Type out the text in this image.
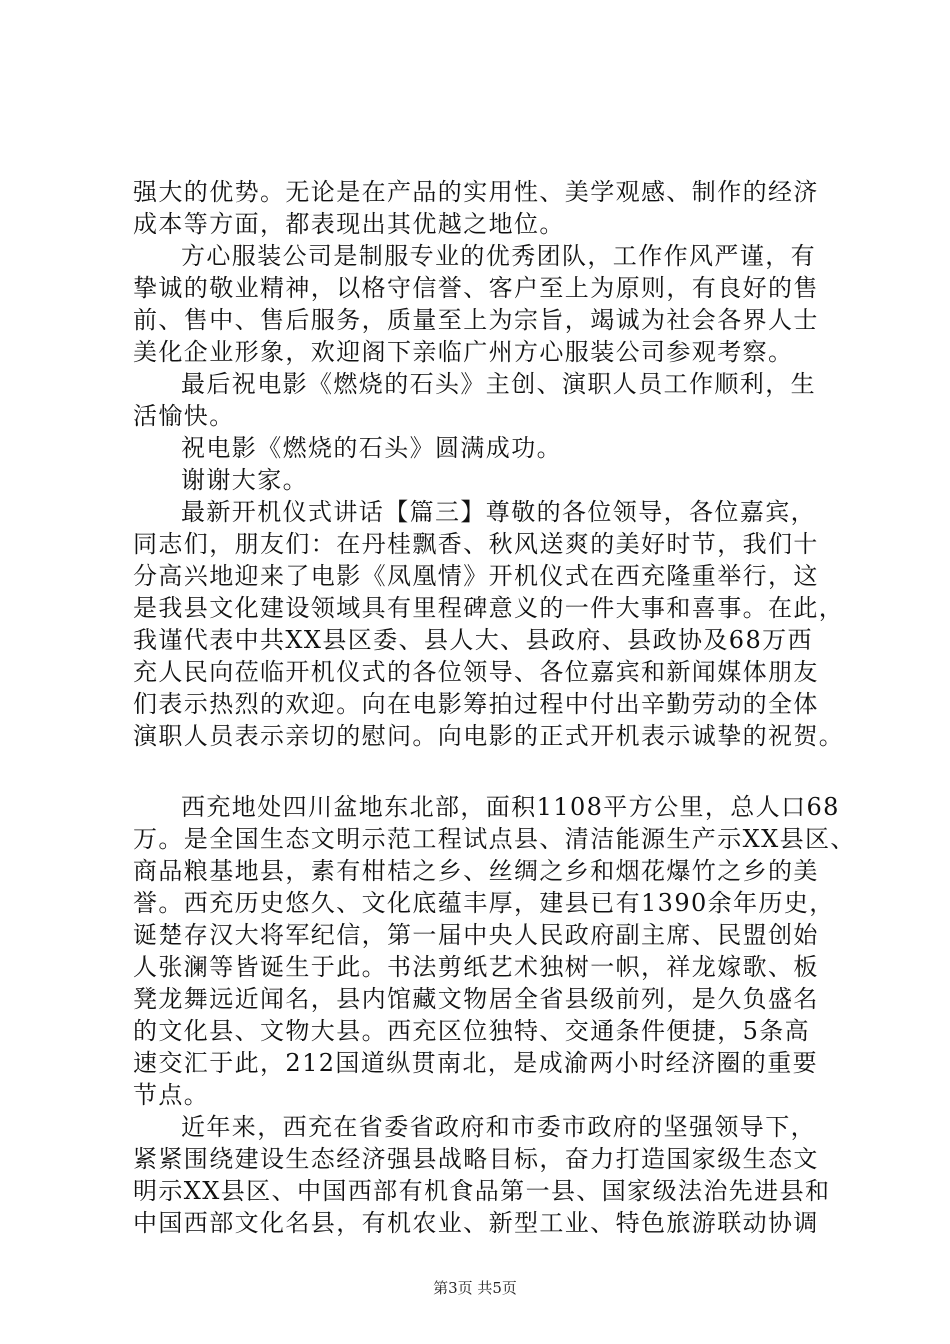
强大的优势。无论是在产品的实用性、美学观感、制作的经济
成本等方面，都表现出其优越之地位。
方心服装公司是制服专业的优秀团队，工作作风严谨，有
挚诚的敬业精神，以格守信誉、客户至上为原则，有良好的售
前、售中、售后服务，质量至上为宗旨，竭诚为社会各界人士
美化企业形象，欢迎阁下亲临广州方心服装公司参观考察。
最后祝电影《燃烧的石头》主创、演职人员工作顺利，生
活愉快。
祝电影《燃烧的石头》圆满成功。
谢谢大家。
最新开机仪式讲话【篇三】尊敬的各位领导，各位嘉宾，
同志们，朋友们：在丹桂飘香、秋风送爽的美好时节，我们十
分高兴地迎来了电影《凤凰情》开机仪式在西充隆重举行，这
是我县文化建设领域具有里程碑意义的一件大事和喜事。在此，
我谨代表中共XX县区委、县人大、县政府、县政协及68万西
充人民向莅临开机仪式的各位领导、各位嘉宾和新闻媒体朋友
们表示热烈的欢迎。向在电影筹拍过程中付出辛勤劳动的全体
演职人员表示亲切的慰问。向电影的正式开机表示诚挚的祝贺。
西充地处四川盆地东北部，面积1108平方公里，总人口68
万。是全国生态文明示范工程试点县、清洁能源生产示XX县区、
商品粮基地县，素有柑桔之乡、丝绸之乡和烟花爆竹之乡的美
誉。西充历史悠久、文化底蕴丰厚，建县已有1390余年历史，
诞楚存汉大将军纪信，第一届中央人民政府副主席、民盟创始
人张澜等皆诞生于此。书法剪纸艺术独树一帜，祥龙嫁歌、板
凳龙舞远近闻名，县内馆藏文物居全省县级前列，是久负盛名
的文化县、文物大县。西充区位独特、交通条件便捷，5条高
速交汇于此，212国道纵贯南北，是成渝两小时经济圈的重要
节点。
近年来，西充在省委省政府和市委市政府的坚强领导下，
紧紧围绕建设生态经济强县战略目标，奋力打造国家级生态文
明示XX县区、中国西部有机食品第一县、国家级法治先进县和
中国西部文化名县，有机农业、新型工业、特色旅游联动协调
第3页 共5页
